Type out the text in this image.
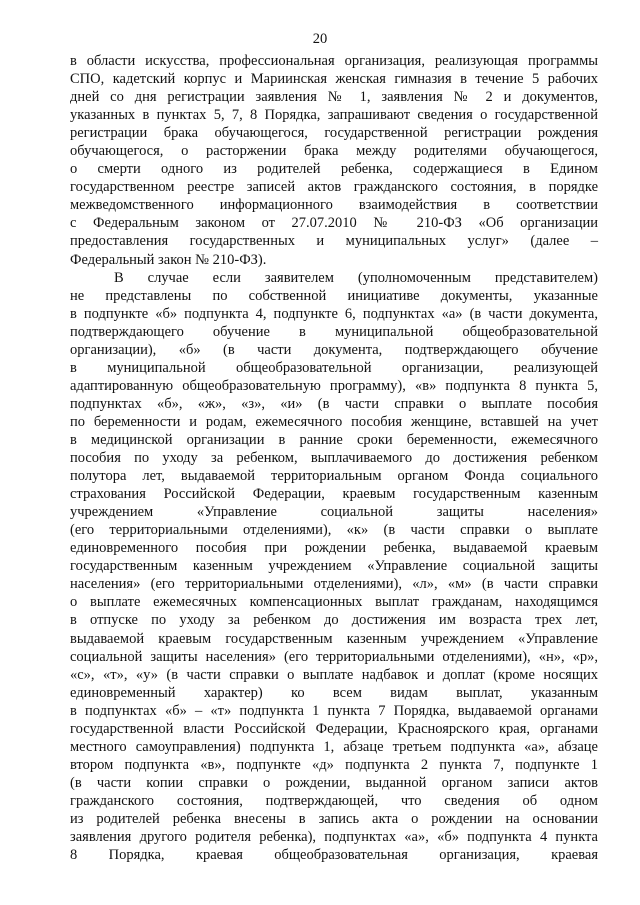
20
в области искусства, профессиональная организация, реализующая программы
СПО, кадетский корпус и Мариинская женская гимназия в течение 5 рабочих
дней со дня регистрации заявления № 1, заявления № 2 и документов,
указанных в пунктах 5, 7, 8 Порядка, запрашивают сведения о государственной
регистрации брака обучающегося, государственной регистрации рождения
обучающегося, о расторжении брака между родителями обучающегося,
о смерти одного из родителей ребенка, содержащиеся в Едином
государственном реестре записей актов гражданского состояния, в порядке
межведомственного информационного взаимодействия в соответствии
с Федеральным законом от 27.07.2010 № 210-ФЗ «Об организации
предоставления государственных и муниципальных услуг» (далее –
Федеральный закон № 210-ФЗ).
В случае если заявителем (уполномоченным представителем)
не представлены по собственной инициативе документы, указанные
в подпункте «б» подпункта 4, подпункте 6, подпунктах «а» (в части документа,
подтверждающего обучение в муниципальной общеобразовательной
организации), «б» (в части документа, подтверждающего обучение
в муниципальной общеобразовательной организации, реализующей
адаптированную общеобразовательную программу), «в» подпункта 8 пункта 5,
подпунктах «б», «ж», «з», «и» (в части справки о выплате пособия
по беременности и родам, ежемесячного пособия женщине, вставшей на учет
в медицинской организации в ранние сроки беременности, ежемесячного
пособия по уходу за ребенком, выплачиваемого до достижения ребенком
полутора лет, выдаваемой территориальным органом Фонда социального
страхования Российской Федерации, краевым государственным казенным
учреждением «Управление социальной защиты населения»
(его территориальными отделениями), «к» (в части справки о выплате
единовременного пособия при рождении ребенка, выдаваемой краевым
государственным казенным учреждением «Управление социальной защиты
населения» (его территориальными отделениями), «л», «м» (в части справки
о выплате ежемесячных компенсационных выплат гражданам, находящимся
в отпуске по уходу за ребенком до достижения им возраста трех лет,
выдаваемой краевым государственным казенным учреждением «Управление
социальной защиты населения» (его территориальными отделениями), «н», «р»,
«с», «т», «у» (в части справки о выплате надбавок и доплат (кроме носящих
единовременный характер) ко всем видам выплат, указанным
в подпунктах «б» – «т» подпункта 1 пункта 7 Порядка, выдаваемой органами
государственной власти Российской Федерации, Красноярского края, органами
местного самоуправления) подпункта 1, абзаце третьем подпункта «а», абзаце
втором подпункта «в», подпункте «д» подпункта 2 пункта 7, подпункте 1
(в части копии справки о рождении, выданной органом записи актов
гражданского состояния, подтверждающей, что сведения об одном
из родителей ребенка внесены в запись акта о рождении на основании
заявления другого родителя ребенка), подпунктах «а», «б» подпункта 4 пункта
8 Порядка, краевая общеобразовательная организация, краевая
